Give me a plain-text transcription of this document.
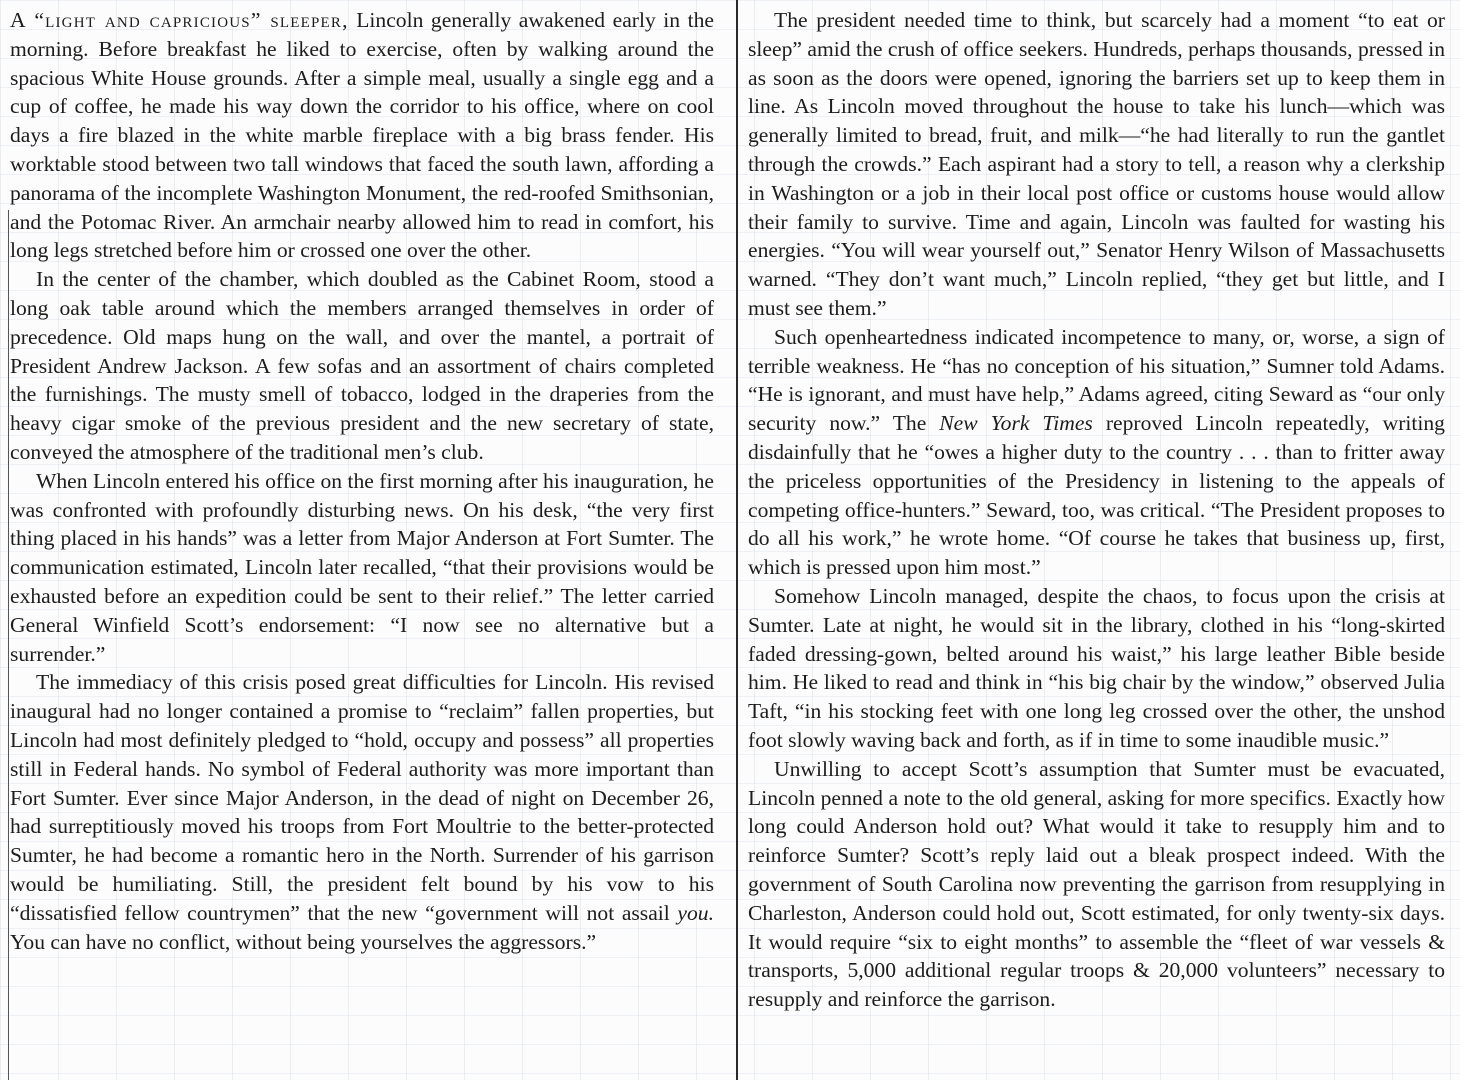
A “light and capricious” sleeper, Lincoln generally awakened early in the morning. Before breakfast he liked to exercise, often by walking around the spacious White House grounds. After a simple meal, usually a single egg and a cup of coffee, he made his way down the corridor to his office, where on cool days a fire blazed in the white marble fireplace with a big brass fender. His worktable stood between two tall windows that faced the south lawn, affording a panorama of the incomplete Washington Monument, the red-roofed Smithsonian, and the Potomac River. An armchair nearby allowed him to read in comfort, his long legs stretched before him or crossed one over the other.

In the center of the chamber, which doubled as the Cabinet Room, stood a long oak table around which the members arranged themselves in order of precedence. Old maps hung on the wall, and over the mantel, a portrait of President Andrew Jackson. A few sofas and an assortment of chairs completed the furnishings. The musty smell of tobacco, lodged in the draperies from the heavy cigar smoke of the previous president and the new secretary of state, conveyed the atmosphere of the traditional men’s club.

When Lincoln entered his office on the first morning after his inauguration, he was confronted with profoundly disturbing news. On his desk, “the very first thing placed in his hands” was a letter from Major Anderson at Fort Sumter. The communication estimated, Lincoln later recalled, “that their provisions would be exhausted before an expedition could be sent to their relief.” The letter carried General Winfield Scott’s endorsement: “I now see no alternative but a surrender.”

The immediacy of this crisis posed great difficulties for Lincoln. His revised inaugural had no longer contained a promise to “reclaim” fallen properties, but Lincoln had most definitely pledged to “hold, occupy and possess” all properties still in Federal hands. No symbol of Federal authority was more important than Fort Sumter. Ever since Major Anderson, in the dead of night on December 26, had surreptitiously moved his troops from Fort Moultrie to the better-protected Sumter, he had become a romantic hero in the North. Surrender of his garrison would be humiliating. Still, the president felt bound by his vow to his “dissatisfied fellow countrymen” that the new “government will not assail you. You can have no conflict, without being yourselves the aggressors.”

The president needed time to think, but scarcely had a moment “to eat or sleep” amid the crush of office seekers. Hundreds, perhaps thousands, pressed in as soon as the doors were opened, ignoring the barriers set up to keep them in line. As Lincoln moved throughout the house to take his lunch—which was generally limited to bread, fruit, and milk—“he had literally to run the gantlet through the crowds.” Each aspirant had a story to tell, a reason why a clerkship in Washington or a job in their local post office or customs house would allow their family to survive. Time and again, Lincoln was faulted for wasting his energies. “You will wear yourself out,” Senator Henry Wilson of Massachusetts warned. “They don’t want much,” Lincoln replied, “they get but little, and I must see them.”

Such openheartedness indicated incompetence to many, or, worse, a sign of terrible weakness. He “has no conception of his situation,” Sumner told Adams. “He is ignorant, and must have help,” Adams agreed, citing Seward as “our only security now.” The New York Times reproved Lincoln repeatedly, writing disdainfully that he “owes a higher duty to the country . . . than to fritter away the priceless opportunities of the Presidency in listening to the appeals of competing office-hunters.” Seward, too, was critical. “The President proposes to do all his work,” he wrote home. “Of course he takes that business up, first, which is pressed upon him most.”

Somehow Lincoln managed, despite the chaos, to focus upon the crisis at Sumter. Late at night, he would sit in the library, clothed in his “long-skirted faded dressing-gown, belted around his waist,” his large leather Bible beside him. He liked to read and think in “his big chair by the window,” observed Julia Taft, “in his stocking feet with one long leg crossed over the other, the unshod foot slowly waving back and forth, as if in time to some inaudible music.”

Unwilling to accept Scott’s assumption that Sumter must be evacuated, Lincoln penned a note to the old general, asking for more specifics. Exactly how long could Anderson hold out? What would it take to resupply him and to reinforce Sumter? Scott’s reply laid out a bleak prospect indeed. With the government of South Carolina now preventing the garrison from resupplying in Charleston, Anderson could hold out, Scott estimated, for only twenty-six days. It would require “six to eight months” to assemble the “fleet of war vessels & transports, 5,000 additional regular troops & 20,000 volunteers” necessary to resupply and reinforce the garrison.
